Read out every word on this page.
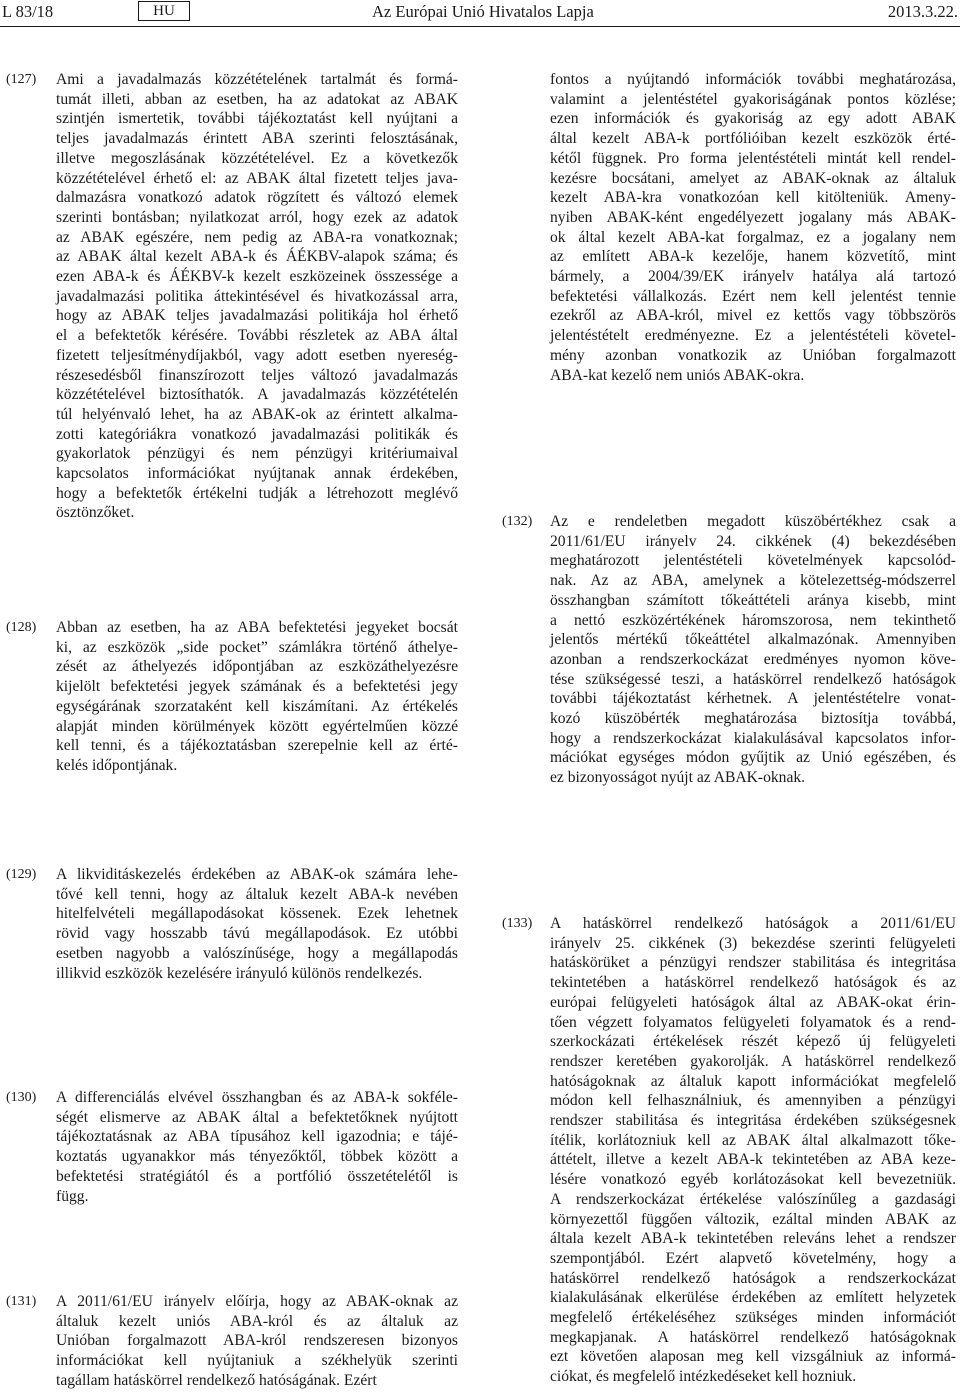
L 83/18	HU	Az Európai Unió Hivatalos Lapja	2013.3.22.
(127) Ami a javadalmazás közzétételének tartalmát és formá-
tumát illeti, abban az esetben, ha az adatokat az ABAK
szintjén ismertetik, további tájékoztatást kell nyújtani a
teljes javadalmazás érintett ABA szerinti felosztásának,
illetve megoszlásának közzétételével. Ez a következők
közzétételével érhető el: az ABAK által fizetett teljes java-
dalmazásra vonatkozó adatok rögzített és változó elemek
szerinti bontásban; nyilatkozat arról, hogy ezek az adatok
az ABAK egészére, nem pedig az ABA-ra vonatkoznak;
az ABAK által kezelt ABA-k és ÁÉKBV-alapok száma; és
ezen ABA-k és ÁÉKBV-k kezelt eszközeinek összessége a
javadalmazási politika áttekintésével és hivatkozással arra,
hogy az ABAK teljes javadalmazási politikája hol érhető
el a befektetők kérésére. További részletek az ABA által
fizetett teljesítménydíjakból, vagy adott esetben nyereség-
részesedésből finanszírozott teljes változó javadalmazás
közzétételével biztosíthatók. A javadalmazás közzétételén
túl helyénvaló lehet, ha az ABAK-ok az érintett alkalma-
zotti kategóriákra vonatkozó javadalmazási politikák és
gyakorlatok pénzügyi és nem pénzügyi kritériumaival
kapcsolatos információkat nyújtanak annak érdekében,
hogy a befektetők értékelni tudják a létrehozott meglévő
ösztönzőket.
(128) Abban az esetben, ha az ABA befektetési jegyeket bocsát
ki, az eszközök „side pocket” számlákra történő áthelye-
zését az áthelyezés időpontjában az eszközáthelyezésre
kijelölt befektetési jegyek számának és a befektetési jegy
egységárának szorzataként kell kiszámítani. Az értékelés
alapját minden körülmények között egyértelműen közzé
kell tenni, és a tájékoztatásban szerepelnie kell az érté-
kelés időpontjának.
(129) A likviditáskezelés érdekében az ABAK-ok számára lehe-
tővé kell tenni, hogy az általuk kezelt ABA-k nevében
hitelfelvételi megállapodásokat kössenek. Ezek lehetnek
rövid vagy hosszabb távú megállapodások. Ez utóbbi
esetben nagyobb a valószínűsége, hogy a megállapodás
illikvid eszközök kezelésére irányuló különös rendelkezés.
(130) A differenciálás elvével összhangban és az ABA-k sokféle-
ségét elismerve az ABAK által a befektetőknek nyújtott
tájékoztatásnak az ABA típusához kell igazodnia; e tájé-
koztatás ugyanakkor más tényezőktől, többek között a
befektetési stratégiától és a portfólió összetételétől is
függ.
(131) A 2011/61/EU irányelv előírja, hogy az ABAK-oknak az
általuk kezelt uniós ABA-król és az általuk az
Unióban forgalmazott ABA-król rendszeresen bizonyos
információkat kell nyújtaniuk a székhelyük szerinti
tagállam hatáskörrel rendelkező hatóságának. Ezért
fontos a nyújtandó információk további meghatározása,
valamint a jelentéstétel gyakoriságának pontos közlése;
ezen információk és gyakoriság az egy adott ABAK
által kezelt ABA-k portfólióiban kezelt eszközök érté-
kétől függnek. Pro forma jelentéstételi mintát kell rendel-
kezésre bocsátani, amelyet az ABAK-oknak az általuk
kezelt ABA-kra vonatkozóan kell kitölteniük. Ameny-
nyiben ABAK-ként engedélyezett jogalany más ABAK-
ok által kezelt ABA-kat forgalmaz, ez a jogalany nem
az említett ABA-k kezelője, hanem közvetítő, mint
bármely, a 2004/39/EK irányelv hatálya alá tartozó
befektetési vállalkozás. Ezért nem kell jelentést tennie
ezekről az ABA-król, mivel ez kettős vagy többszörös
jelentéstételt eredményezne. Ez a jelentéstételi követel-
mény azonban vonatkozik az Unióban forgalmazott
ABA-kat kezelő nem uniós ABAK-okra.
(132) Az e rendeletben megadott küszöbértékhez csak a
2011/61/EU irányelv 24. cikkének (4) bekezdésében
meghatározott jelentéstételi követelmények kapcsolód-
nak. Az az ABA, amelynek a kötelezettség-módszerrel
összhangban számított tőkeáttételi aránya kisebb, mint
a nettó eszközértékének háromszorosa, nem tekinthető
jelentős mértékű tőkeáttétel alkalmazónak. Amennyiben
azonban a rendszerkockázat eredményes nyomon köve-
tése szükségessé teszi, a hatáskörrel rendelkező hatóságok
további tájékoztatást kérhetnek. A jelentéstételre vonat-
kozó küszöbérték meghatározása biztosítja továbbá,
hogy a rendszerkockázat kialakulásával kapcsolatos infor-
mációkat egységes módon gyűjtik az Unió egészében, és
ez bizonyosságot nyújt az ABAK-oknak.
(133) A hatáskörrel rendelkező hatóságok a 2011/61/EU
irányelv 25. cikkének (3) bekezdése szerinti felügyeleti
hatáskörüket a pénzügyi rendszer stabilitása és integritása
tekintetében a hatáskörrel rendelkező hatóságok és az
európai felügyeleti hatóságok által az ABAK-okat érin-
tően végzett folyamatos felügyeleti folyamatok és a rend-
szerkockázati értékelések részét képező új felügyeleti
rendszer keretében gyakorolják. A hatáskörrel rendelkező
hatóságoknak az általuk kapott információkat megfelelő
módon kell felhasználniuk, és amennyiben a pénzügyi
rendszer stabilitása és integritása érdekében szükségesnek
ítélik, korlátozniuk kell az ABAK által alkalmazott tőke-
áttételt, illetve a kezelt ABA-k tekintetében az ABA keze-
lésére vonatkozó egyéb korlátozásokat kell bevezetniük.
A rendszerkockázat értékelése valószínűleg a gazdasági
környezettől függően változik, ezáltal minden ABAK az
általa kezelt ABA-k tekintetében releváns lehet a rendszer
szempontjából. Ezért alapvető követelmény, hogy a
hatáskörrel rendelkező hatóságok a rendszerkockázat
kialakulásának elkerülése érdekében az említett helyzetek
megfelelő értékeléséhez szükséges minden információt
megkapjanak. A hatáskörrel rendelkező hatóságoknak
ezt követően alaposan meg kell vizsgálniuk az informá-
ciókat, és megfelelő intézkedéseket kell hozniuk.
